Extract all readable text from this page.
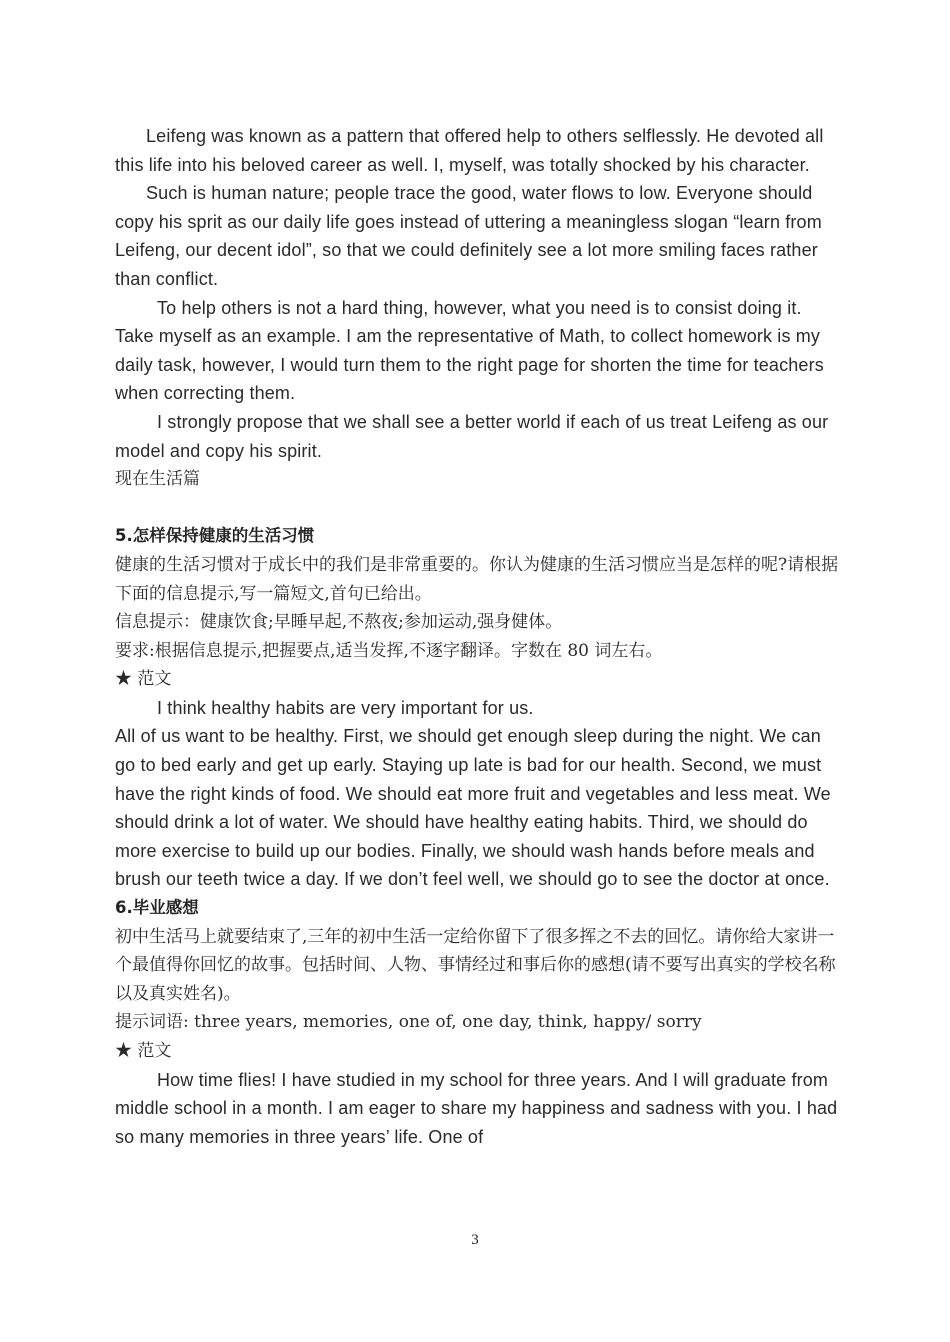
Leifeng was known as a pattern that offered help to others selflessly. He devoted all this life into his beloved career as well. I, myself, was totally shocked by his character.

Such is human nature; people trace the good, water flows to low. Everyone should copy his sprit as our daily life goes instead of uttering a meaningless slogan “learn from Leifeng, our decent idol”, so that we could definitely see a lot more smiling faces rather than conflict.

To help others is not a hard thing, however, what you need is to consist doing it. Take myself as an example. I am the representative of Math, to collect homework is my daily task, however, I would turn them to the right page for shorten the time for teachers when correcting them.

I strongly propose that we shall see a better world if each of us treat Leifeng as our model and copy his spirit.

现在生活篇

5.怎样保持健康的生活习惯

健康的生活习惯对于成长中的我们是非常重要的。你认为健康的生活习惯应当是怎样的呢?请根据下面的信息提示,写一篇短文,首句已给出。

信息提示：健康饮食;早睡早起,不熬夜;参加运动,强身健体。

要求:根据信息提示,把握要点,适当发挥,不逐字翻译。字数在 80 词左右。

★ 范文

I think healthy habits are very important for us.

All of us want to be healthy. First, we should get enough sleep during the night. We can go to bed early and get up early. Staying up late is bad for our health. Second, we must have the right kinds of food. We should eat more fruit and vegetables and less meat. We should drink a lot of water. We should have healthy eating habits. Third, we should do more exercise to build up our bodies. Finally, we should wash hands before meals and brush our teeth twice a day. If we don’t feel well, we should go to see the doctor at once.

6.毕业感想

初中生活马上就要结束了,三年的初中生活一定给你留下了很多挥之不去的回忆。请你给大家讲一个最值得你回忆的故事。包括时间、人物、事情经过和事后你的感想(请不要写出真实的学校名称以及真实姓名)。

提示词语: three years, memories, one of, one day, think, happy/ sorry

★ 范文

How time flies! I have studied in my school for three years. And I will graduate from middle school in a month. I am eager to share my happiness and sadness with you. I had so many memories in three years’ life. One of

3
